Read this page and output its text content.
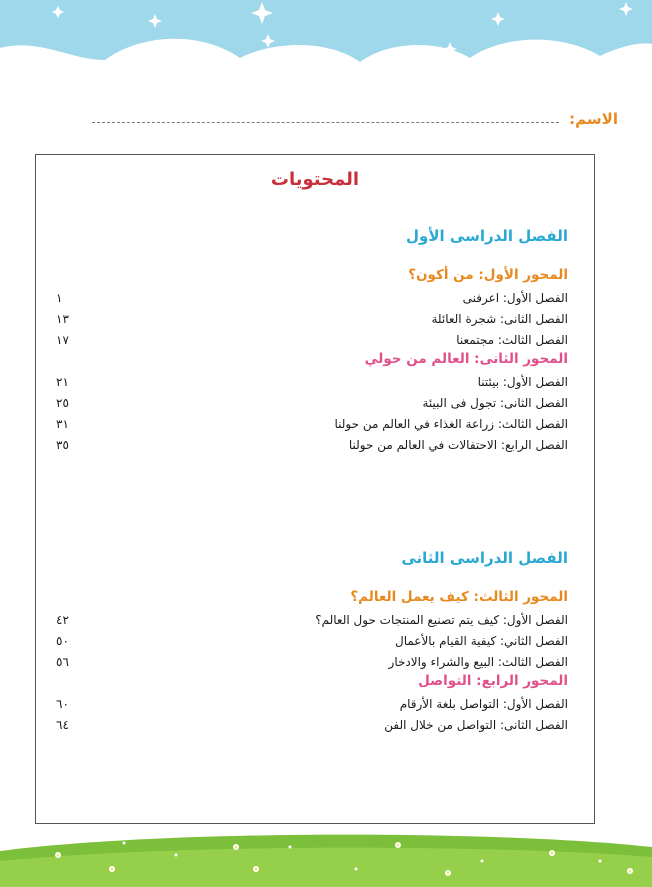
الاسم:
المحتويات
الفصل الدراسى الأول
المحور الأول: من أكون؟
الفصل الأول: اعرفنى
١
الفصل الثانى: شجرة العائلة
١٣
الفصل الثالث: مجتمعنا
١٧
المحور الثانى: العالم من حولي
الفصل الأول: بيئتنا
٢١
الفصل الثانى: تجول فى البيئة
٢٥
الفصل الثالث: زراعة الغذاء في العالم من حولنا
٣١
الفصل الرابع: الاحتفالات في العالم من حولنا
٣٥
الفصل الدراسى الثانى
المحور الثالث: كيف يعمل العالم؟
الفصل الأول: كيف يتم تصنيع المنتجات حول العالم؟
٤٢
الفصل الثاني: كيفية القيام بالأعمال
٥٠
الفصل الثالث: البيع والشراء والادخار
٥٦
المحور الرابع: التواصل
الفصل الأول: التواصل بلغة الأرقام
٦٠
الفصل الثانى: التواصل من خلال الفن
٦٤
